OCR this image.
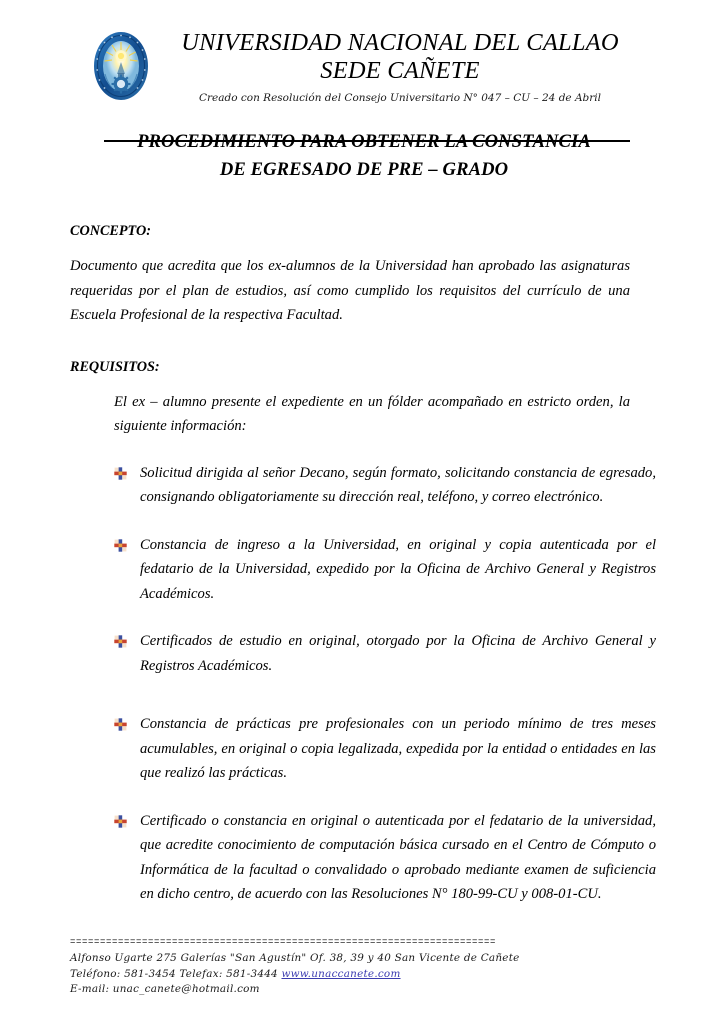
UNIVERSIDAD NACIONAL DEL CALLAO
SEDE CAÑETE
Creado con Resolución del Consejo Universitario N° 047 – CU – 24 de Abril
PROCEDIMIENTO PARA OBTENER LA CONSTANCIA
DE EGRESADO DE PRE – GRADO
CONCEPTO:

Documento que acredita que los ex-alumnos de la Universidad han aprobado las asignaturas requeridas por el plan de estudios, así como cumplido los requisitos del currículo de una Escuela Profesional de la respectiva Facultad.

REQUISITOS:

El ex – alumno presente el expediente en un fólder acompañado en estricto orden, la siguiente información:

Solicitud dirigida al señor Decano, según formato, solicitando constancia de egresado, consignando obligatoriamente su dirección real, teléfono, y correo electrónico.
Constancia de ingreso a la Universidad, en original y copia autenticada por el fedatario de la Universidad, expedido por la Oficina de Archivo General y Registros Académicos.
Certificados de estudio en original, otorgado por la Oficina de Archivo General y Registros Académicos.
Constancia de prácticas pre profesionales con un periodo mínimo de tres meses acumulables, en original o copia legalizada, expedida por la entidad o entidades en las que realizó las prácticas.
Certificado o constancia en original o autenticada por el fedatario de la universidad, que acredite conocimiento de computación básica cursado en el Centro de Cómputo o Informática de la facultad o convalidado o aprobado mediante examen de suficiencia en dicho centro, de acuerdo con las Resoluciones N° 180-99-CU y 008-01-CU.
=======================================================================
Alfonso Ugarte 275 Galerías "San Agustín" Of. 38, 39 y 40 San Vicente de Cañete
Teléfono: 581-3454 Telefax: 581-3444 www.unaccanete.com
E-mail: unac_canete@hotmail.com
